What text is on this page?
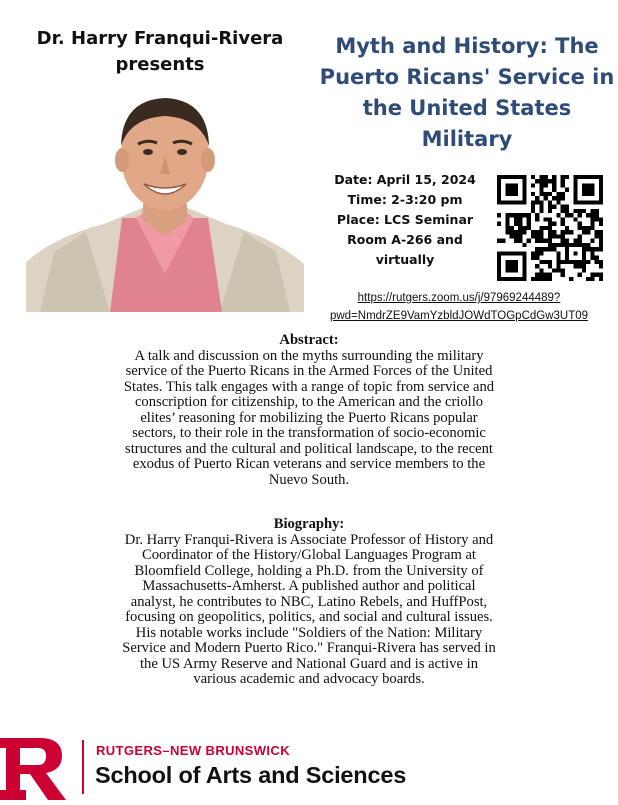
Dr. Harry Franqui-Rivera
presents
Myth and History: The Puerto Ricans' Service in the United States Military
Date: April 15, 2024
Time: 2-3:20 pm
Place: LCS Seminar
Room A-266 and
virtually
https://rutgers.zoom.us/j/97969244489?
pwd=NmdrZE9VamYzbldJOWdTOGpCdGw3UT09
Abstract:

A talk and discussion on the myths surrounding the military
service of the Puerto Ricans in the Armed Forces of the United
States. This talk engages with a range of topic from service and
conscription for citizenship, to the American and the criollo
elites’ reasoning for mobilizing the Puerto Ricans popular
sectors, to their role in the transformation of socio-economic
structures and the cultural and political landscape, to the recent
exodus of Puerto Rican veterans and service members to the
Nuevo South.

Biography:

Dr. Harry Franqui-Rivera is Associate Professor of History and
Coordinator of the History/Global Languages Program at
Bloomfield College, holding a Ph.D. from the University of
Massachusetts-Amherst. A published author and political
analyst, he contributes to NBC, Latino Rebels, and HuffPost,
focusing on geopolitics, politics, and social and cultural issues.
His notable works include "Soldiers of the Nation: Military
Service and Modern Puerto Rico." Franqui-Rivera has served in
the US Army Reserve and National Guard and is active in
various academic and advocacy boards.

RUTGERS–NEW BRUNSWICK
School of Arts and Sciences
